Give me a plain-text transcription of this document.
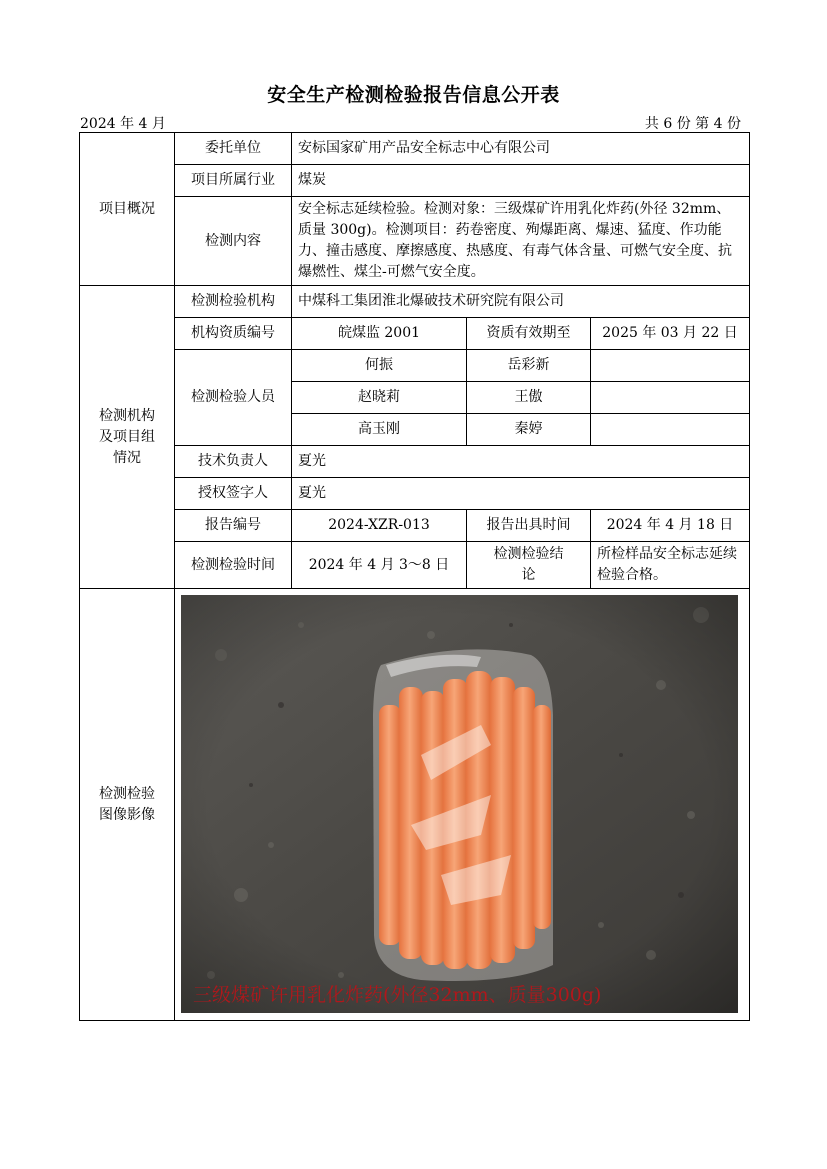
安全生产检测检验报告信息公开表
2024 年 4 月	共 6 份 第 4 份
项目概况	委托单位	安标国家矿用产品安全标志中心有限公司		
	项目所属行业	煤炭		
	检测内容	安全标志延续检验。检测对象：三级煤矿许用乳化炸药(外径 32mm、质量 300g)。检测项目：药卷密度、殉爆距离、爆速、猛度、作功能力、撞击感度、摩擦感度、热感度、有毒气体含量、可燃气安全度、抗爆燃性、煤尘-可燃气安全度。		
检测机构及项目组情况	检测检验机构	中煤科工集团淮北爆破技术研究院有限公司		
	机构资质编号	皖煤监 2001	资质有效期至	2025 年 03 月 22 日
	检测检验人员	何振	岳彩新	
		赵晓莉	王傲	
		高玉刚	秦婷	
	技术负责人	夏光		
	授权签字人	夏光		
	报告编号	2024-XZR-013	报告出具时间	2024 年 4 月 18 日
	检测检验时间	2024 年 4 月 3～8 日	检测检验结论	所检样品安全标志延续检验合格。

检测检验图像影像	三级煤矿许用乳化炸药(外径32mm、质量300g)			
